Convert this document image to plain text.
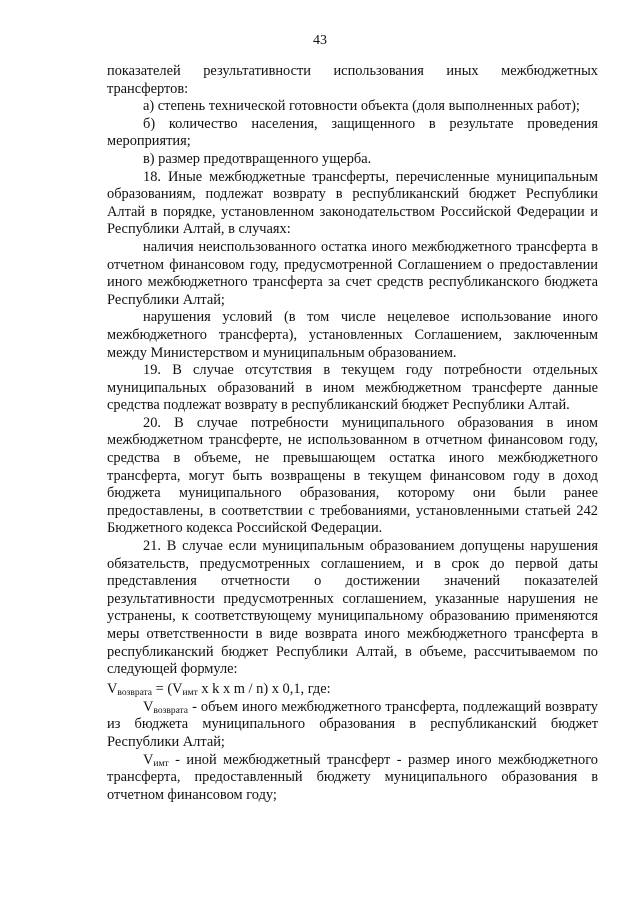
43

показателей результативности использования иных межбюджетных трансфертов:

а) степень технической готовности объекта (доля выполненных работ);

б) количество населения, защищенного в результате проведения мероприятия;

в) размер предотвращенного ущерба.

18. Иные межбюджетные трансферты, перечисленные муниципальным образованиям, подлежат возврату в республиканский бюджет Республики Алтай в порядке, установленном законодательством Российской Федерации и Республики Алтай, в случаях:

наличия неиспользованного остатка иного межбюджетного трансферта в отчетном финансовом году, предусмотренной Соглашением о предоставлении иного межбюджетного трансферта за счет средств республиканского бюджета Республики Алтай;

нарушения условий (в том числе нецелевое использование иного межбюджетного трансферта), установленных Соглашением, заключенным между Министерством и муниципальным образованием.

19. В случае отсутствия в текущем году потребности отдельных муниципальных образований в ином межбюджетном трансферте данные средства подлежат возврату в республиканский бюджет Республики Алтай.

20. В случае потребности муниципального образования в ином межбюджетном трансферте, не использованном в отчетном финансовом году, средства в объеме, не превышающем остатка иного межбюджетного трансферта, могут быть возвращены в текущем финансовом году в доход бюджета муниципального образования, которому они были ранее предоставлены, в соответствии с требованиями, установленными статьей 242 Бюджетного кодекса Российской Федерации.

21. В случае если муниципальным образованием допущены нарушения обязательств, предусмотренных соглашением, и в срок до первой даты представления отчетности о достижении значений показателей результативности предусмотренных соглашением, указанные нарушения не устранены, к соответствующему муниципальному образованию применяются меры ответственности в виде возврата иного межбюджетного трансферта в республиканский бюджет Республики Алтай, в объеме, рассчитываемом по следующей формуле:

$V_{возврата} = (V_{имт}$ x k x m / n) x 0,1, где:

$V_{возврата}$ - объем иного межбюджетного трансферта, подлежащий возврату из бюджета муниципального образования в республиканский бюджет Республики Алтай;

$V_{имт}$ - иной межбюджетный трансферт - размер иного межбюджетного трансферта, предоставленный бюджету муниципального образования в отчетном финансовом году;
